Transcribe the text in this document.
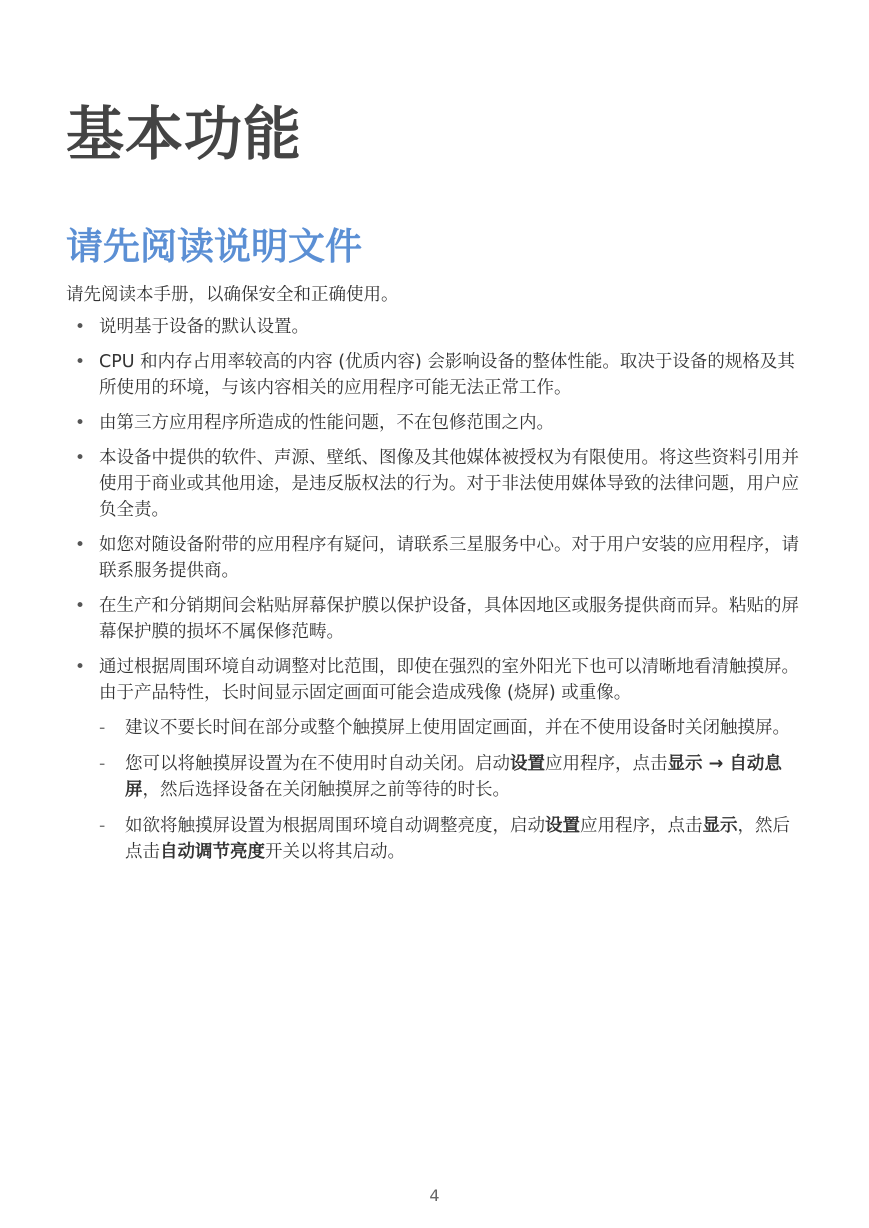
基本功能
请先阅读说明文件

请先阅读本手册，以确保安全和正确使用。

• 说明基于设备的默认设置。
• CPU 和内存占用率较高的内容 (优质内容) 会影响设备的整体性能。取决于设备的规格及其所使用的环境，与该内容相关的应用程序可能无法正常工作。
• 由第三方应用程序所造成的性能问题，不在包修范围之内。
• 本设备中提供的软件、声源、壁纸、图像及其他媒体被授权为有限使用。将这些资料引用并使用于商业或其他用途，是违反版权法的行为。对于非法使用媒体导致的法律问题，用户应负全责。
• 如您对随设备附带的应用程序有疑问，请联系三星服务中心。对于用户安装的应用程序，请联系服务提供商。
• 在生产和分销期间会粘贴屏幕保护膜以保护设备，具体因地区或服务提供商而异。粘贴的屏幕保护膜的损坏不属保修范畴。
• 通过根据周围环境自动调整对比范围，即使在强烈的室外阳光下也可以清晰地看清触摸屏。由于产品特性，长时间显示固定画面可能会造成残像 (烧屏) 或重像。
-	建议不要长时间在部分或整个触摸屏上使用固定画面，并在不使用设备时关闭触摸屏。
-	您可以将触摸屏设置为在不使用时自动关闭。启动设置应用程序，点击显示 → 自动息屏，然后选择设备在关闭触摸屏之前等待的时长。
-	如欲将触摸屏设置为根据周围环境自动调整亮度，启动设置应用程序，点击显示，然后点击自动调节亮度开关以将其启动。
4
